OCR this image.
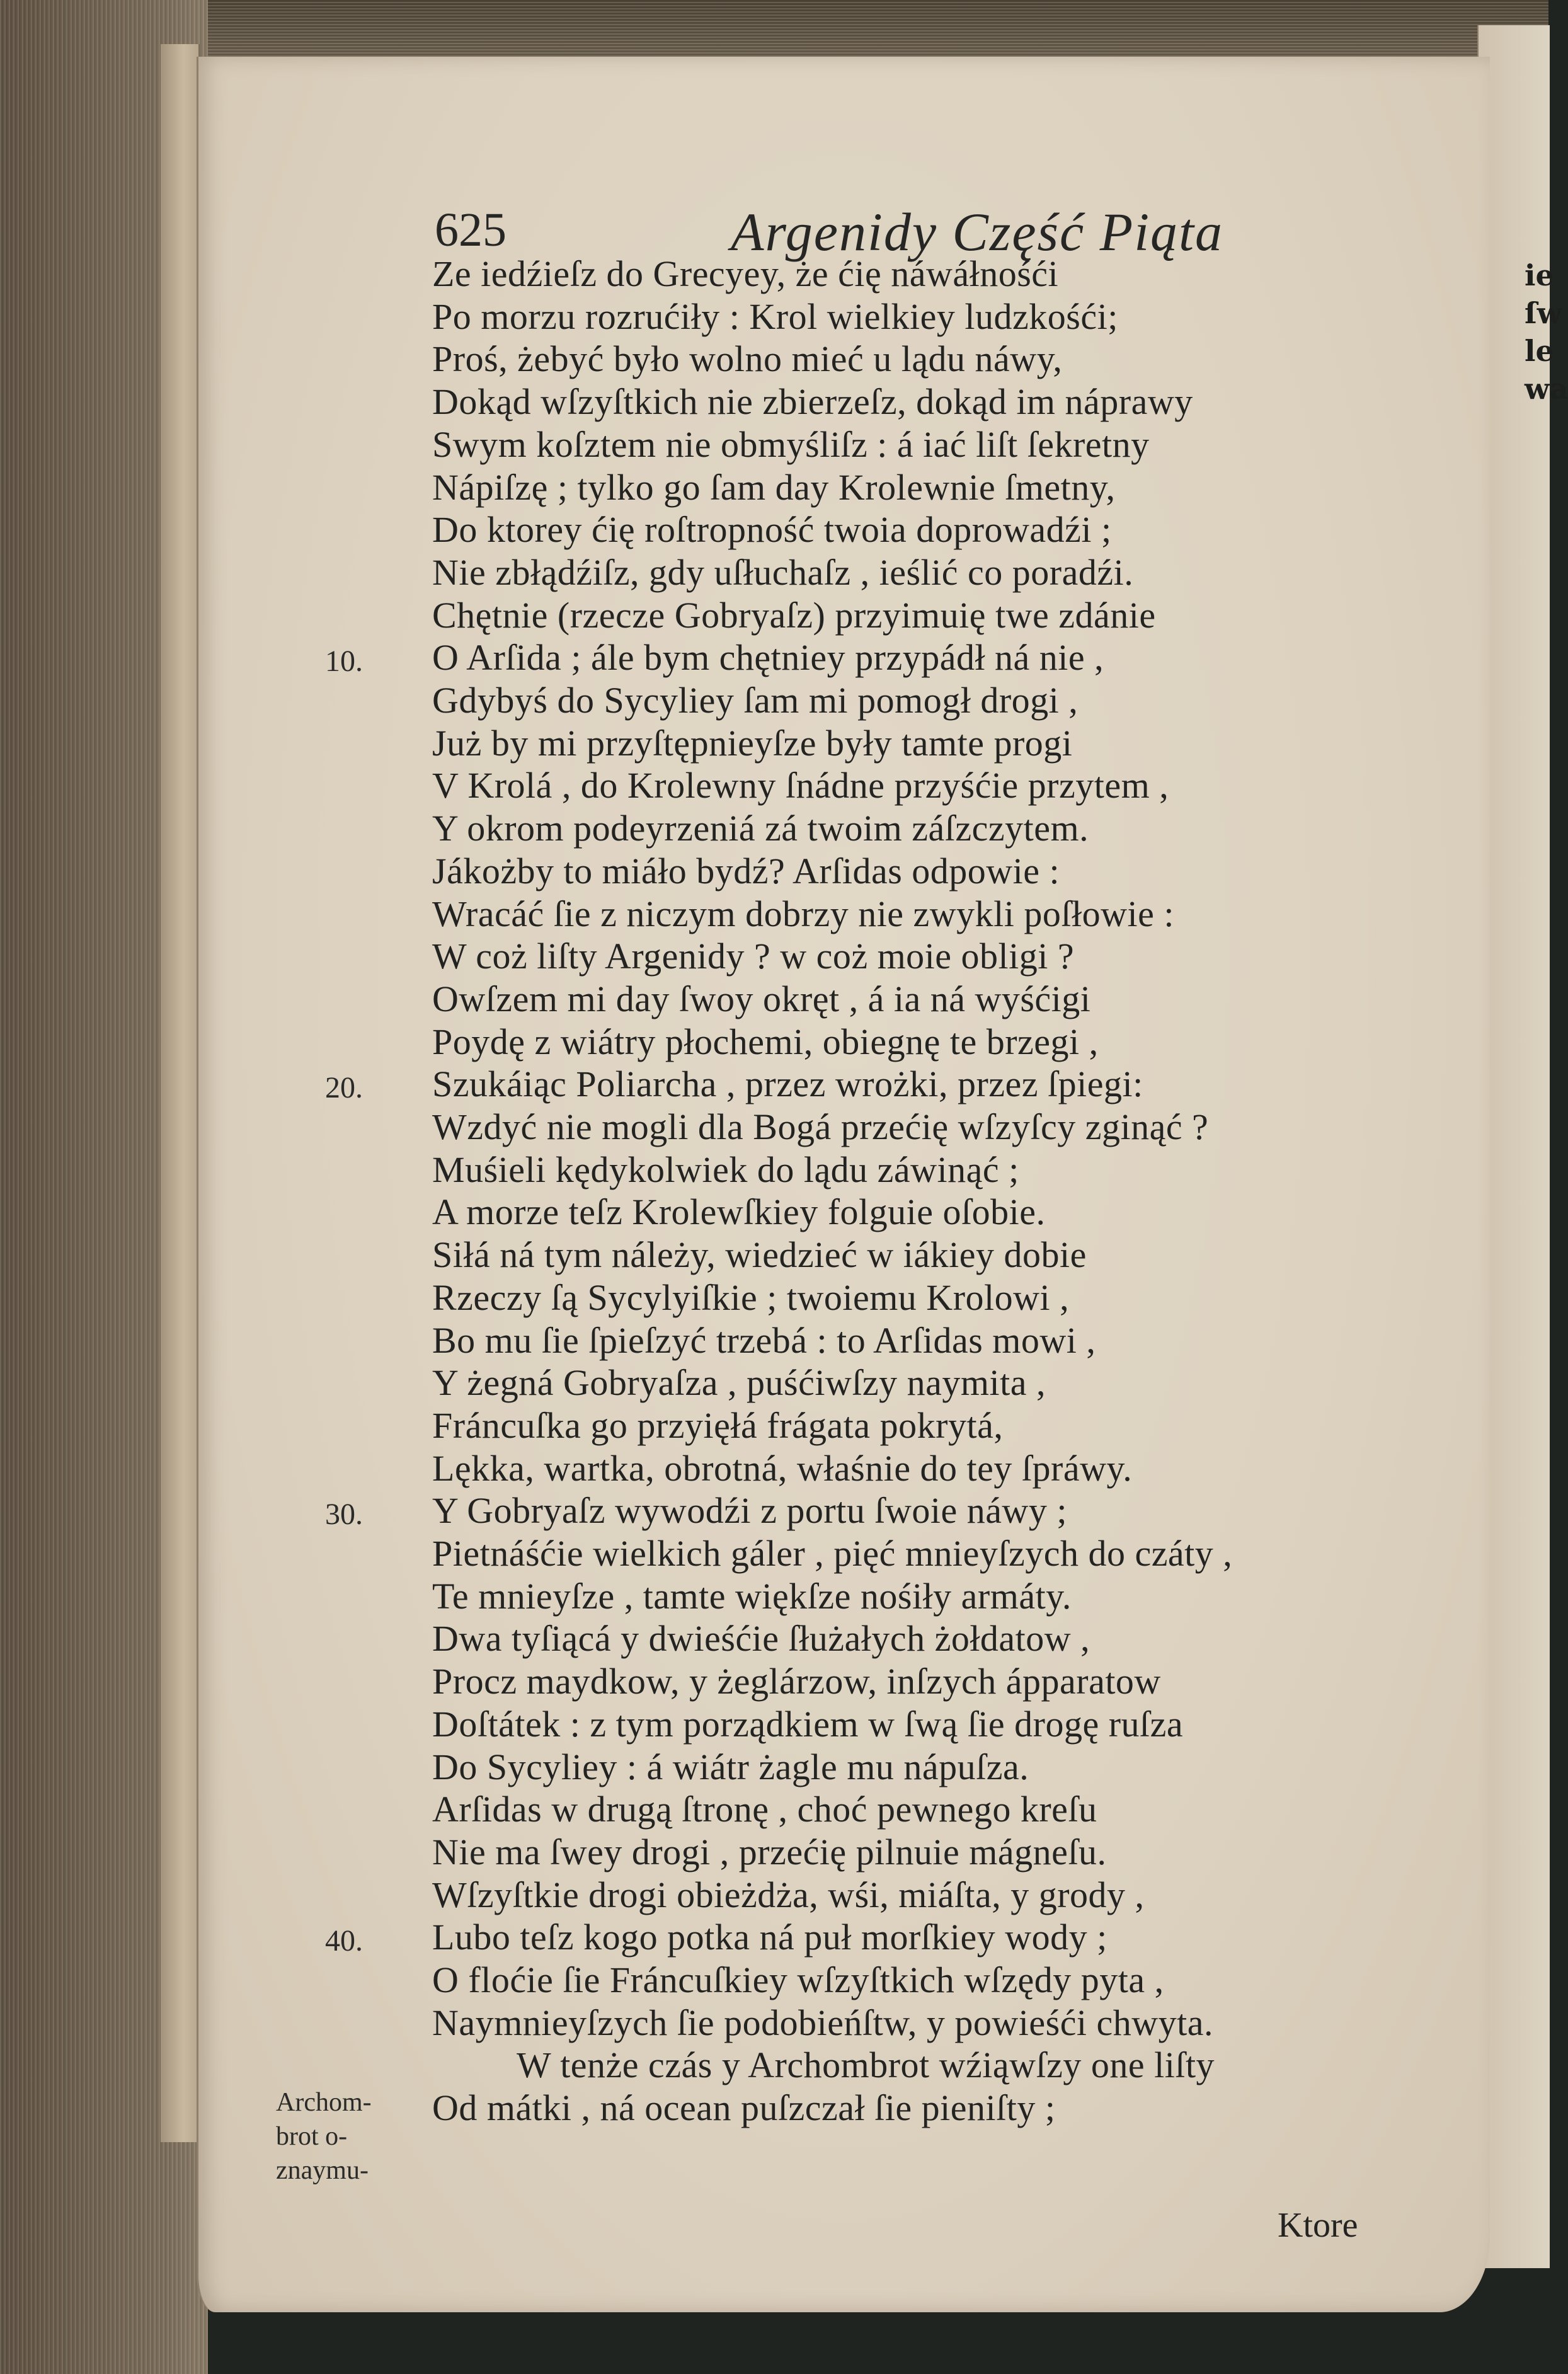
ie
ſw
le
wa
625	Argenidy Część Piąta
Ze iedźieſz do Grecyey, że ćię náwáłnośći
Po morzu rozrućiły : Krol wielkiey ludzkośći;
Proś, żebyć było wolno mieć u lądu náwy,
Dokąd wſzyſtkich nie zbierzeſz, dokąd im náprawy
Swym koſztem nie obmyśliſz : á iać liſt ſekretny
Nápiſzę ; tylko go ſam day Krolewnie ſmetny,
Do ktorey ćię roſtropność twoia doprowadźi ;
Nie zbłądźiſz, gdy uſłuchaſz , ieślić co poradźi.
Chętnie (rzecze Gobryaſz) przyimuię twe zdánie
O Arſida ; ále bym chętniey przypádł ná nie ,
Gdybyś do Sycyliey ſam mi pomogł drogi ,
Już by mi przyſtępnieyſze były tamte progi
V Krolá , do Krolewny ſnádne przyśćie przytem ,
Y okrom podeyrzeniá zá twoim záſzczytem.
Jákożby to miáło bydź? Arſidas odpowie :
Wracáć ſie z niczym dobrzy nie zwykli poſłowie :
W coż liſty Argenidy ? w coż moie obligi ?
Owſzem mi day ſwoy okręt , á ia ná wyśćigi
Poydę z wiátry płochemi, obiegnę te brzegi ,
Szukáiąc Poliarcha , przez wrożki, przez ſpiegi:
Wzdyć nie mogli dla Bogá przećię wſzyſcy zginąć ?
Muśieli kędykolwiek do lądu záwinąć ;
A morze teſz Krolewſkiey folguie oſobie.
Siłá ná tym náleży, wiedzieć w iákiey dobie
Rzeczy ſą Sycylyiſkie ; twoiemu Krolowi ,
Bo mu ſie ſpieſzyć trzebá : to Arſidas mowi ,
Y żegná Gobryaſza , puśćiwſzy naymita ,
Fráncuſka go przyięłá frágata pokrytá,
Lękka, wartka, obrotná, właśnie do tey ſpráwy.
Y Gobryaſz wywodźi z portu ſwoie náwy ;
Pietnáśćie wielkich gáler , pięć mnieyſzych do czáty ,
Te mnieyſze , tamte więkſze nośiły armáty.
Dwa tyſiącá y dwieśćie ſłużałych żołdatow ,
Procz maydkow, y żeglárzow, inſzych ápparatow
Doſtátek : z tym porządkiem w ſwą ſie drogę ruſza
Do Sycyliey : á wiátr żagle mu nápuſza.
Arſidas w drugą ſtronę , choć pewnego kreſu
Nie ma ſwey drogi , przećię pilnuie mágneſu.
Wſzyſtkie drogi obieżdża, wśi, miáſta, y grody ,
Lubo teſz kogo potka ná puł morſkiey wody ;
O floćie ſie Fráncuſkiey wſzyſtkich wſzędy pyta ,
Naymnieyſzych ſie podobieńſtw, y powieśći chwyta.
W tenże czás y Archombrot wźiąwſzy one liſty
Od mátki , ná ocean puſzczał ſie pieniſty ;
10.
20.
30.
40.
Archom-
brot o-
znaymu-
Ktore
